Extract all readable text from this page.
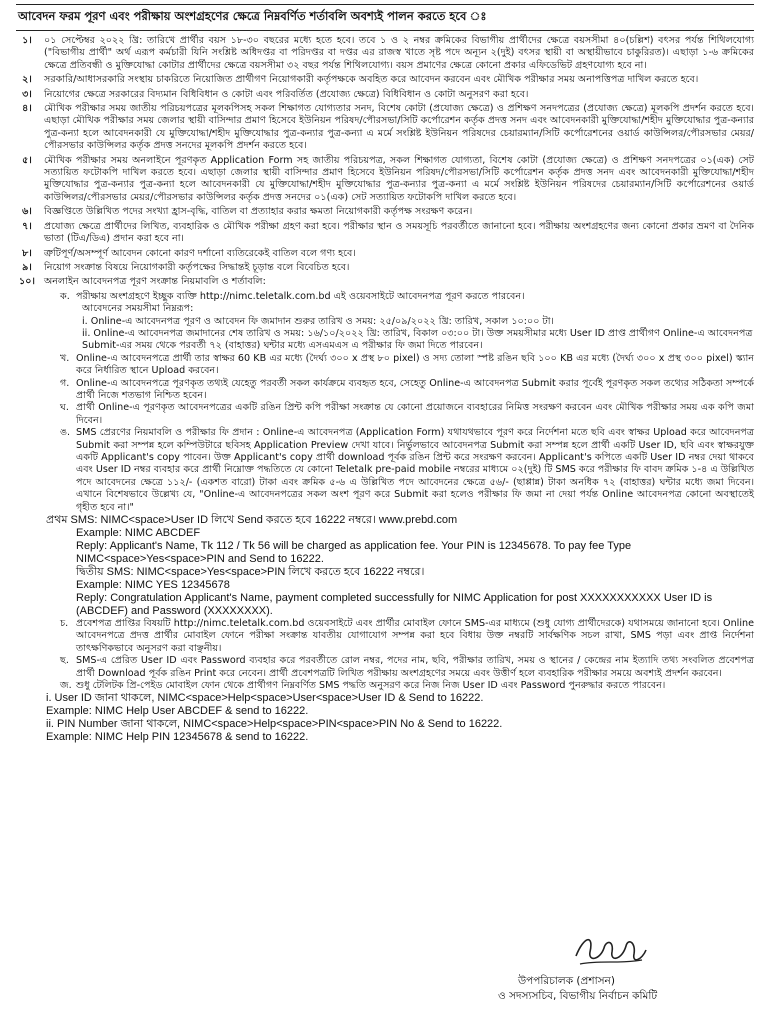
আবেদন ফরম পূরণ এবং পরীক্ষায় অংশগ্রহণের ক্ষেত্রে নিম্নবর্ণিত শর্তাবলি অবশ্যই পালন করতে হবে ঃ
১।	০১ সেপ্টেম্বর ২০২২ খ্রি: তারিখে প্রার্থীর বয়স ১৮-৩০ বছরের মধ্যে হতে হবে। তবে ১ ও ২ নম্বর ক্রমিকের বিভাগীয় প্রার্থীদের ক্ষেত্রে বয়সসীমা ৪০(চল্লিশ) বৎসর পর্যন্ত শিথিলযোগ্য ("বিভাগীয় প্রার্থী" অর্থ এরূপ কর্মচারী যিনি সংশ্লিষ্ট অধিদপ্তর বা পরিদপ্তর বা দপ্তর এর রাজস্ব খাতে সৃষ্ট পদে অন্যূন ২(দুই) বৎসর স্থায়ী বা অস্থায়ীভাবে চাকুরিরত)। এছাড়া ১-৬ ক্রমিকের ক্ষেত্রে প্রতিবন্ধী ও মুক্তিযোদ্ধা কোটার প্রার্থীদের ক্ষেত্রে বয়সসীমা ৩২ বছর পর্যন্ত শিথিলযোগ্য। বয়স প্রমাণের ক্ষেত্রে কোনো প্রকার এফিডেভিট গ্রহণযোগ্য হবে না।
২।	সরকারি/আধাসরকারি সংস্থায় চাকরিতে নিয়োজিত প্রার্থীগণ নিয়োগকারী কর্তৃপক্ষকে অবহিত করে আবেদন করবেন এবং মৌখিক পরীক্ষার সময় অনাপত্তিপত্র দাখিল করতে হবে।
৩।	নিয়োগের ক্ষেত্রে সরকারের বিদ্যমান বিধিবিধান ও কোটা এবং পরিবর্তিত (প্রযোজ্য ক্ষেত্রে) বিধিবিধান ও কোটা অনুসরণ করা হবে।
৪।	মৌখিক পরীক্ষার সময় জাতীয় পরিচয়পত্রের মূলকপিসহ সকল শিক্ষাগত যোগ্যতার সনদ, বিশেষ কোটা (প্রযোজ্য ক্ষেত্রে) ও প্রশিক্ষণ সনদপত্রের (প্রযোজ্য ক্ষেত্রে) মূলকপি প্রদর্শন করতে হবে। এছাড়া মৌখিক পরীক্ষার সময় জেলার স্থায়ী বাসিন্দার প্রমাণ হিসেবে ইউনিয়ন পরিষদ/পৌরসভা/সিটি কর্পোরেশন কর্তৃক প্রদত্ত সনদ এবং আবেদনকারী মুক্তিযোদ্ধা/শহীদ মুক্তিযোদ্ধার পুত্র-কন্যার পুত্র-কন্যা হলে আবেদনকারী যে মুক্তিযোদ্ধা/শহীদ মুক্তিযোদ্ধার পুত্র-কন্যার পুত্র-কন্যা এ মর্মে সংশ্লিষ্ট ইউনিয়ন পরিষদের চেয়ারম্যান/সিটি কর্পোরেশনের ওয়ার্ড কাউন্সিলর/পৌরসভার মেয়র/পৌরসভার কাউন্সিলর কর্তৃক প্রদত্ত সনদের মূলকপি প্রদর্শন করতে হবে।
৫।	মৌখিক পরীক্ষার সময় অনলাইনে পূরণকৃত Application Form সহ জাতীয় পরিচয়পত্র, সকল শিক্ষাগত যোগ্যতা, বিশেষ কোটা (প্রযোজ্য ক্ষেত্রে) ও প্রশিক্ষণ সনদপত্রের ০১(এক) সেট সত্যায়িত ফটোকপি দাখিল করতে হবে। এছাড়া জেলার স্থায়ী বাসিন্দার প্রমাণ হিসেবে ইউনিয়ন পরিষদ/পৌরসভা/সিটি কর্পোরেশন কর্তৃক প্রদত্ত সনদ এবং আবেদনকারী মুক্তিযোদ্ধা/শহীদ মুক্তিযোদ্ধার পুত্র-কন্যার পুত্র-কন্যা হলে আবেদনকারী যে মুক্তিযোদ্ধা/শহীদ মুক্তিযোদ্ধার পুত্র-কন্যার পুত্র-কন্যা এ মর্মে সংশ্লিষ্ট ইউনিয়ন পরিষদের চেয়ারম্যান/সিটি কর্পোরেশনের ওয়ার্ড কাউন্সিলর/পৌরসভার মেয়র/পৌরসভার কাউন্সিলর কর্তৃক প্রদত্ত সনদের ০১(এক) সেট সত্যায়িত ফটোকপি দাখিল করতে হবে।
৬।	বিজ্ঞপ্তিতে উল্লিখিত পদের সংখ্যা হ্রাস-বৃদ্ধি, বাতিল বা প্রত্যাহার করার ক্ষমতা নিয়োগকারী কর্তৃপক্ষ সংরক্ষণ করেন।
৭।	প্রযোজ্য ক্ষেত্রে প্রার্থীদের লিখিত, ব্যবহারিক ও মৌখিক পরীক্ষা গ্রহণ করা হবে। পরীক্ষার স্থান ও সময়সূচি পরবর্তীতে জানানো হবে। পরীক্ষায় অংশগ্রহণের জন্য কোনো প্রকার ভ্রমণ বা দৈনিক ভাতা (টিএ/ডিএ) প্রদান করা হবে না।
৮।	ত্রুটিপূর্ণ/অসম্পূর্ণ আবেদন কোনো কারণ দর্শানো ব্যতিরেকেই বাতিল বলে গণ্য হবে।
৯।	নিয়োগ সংক্রান্ত বিষয়ে নিয়োগকারী কর্তৃপক্ষের সিদ্ধান্তই চূড়ান্ত বলে বিবেচিত হবে।
১০। অনলাইন আবেদনপত্র পূরণ সংক্রান্ত নিয়মাবলি ও শর্তাবলি:
ক. পরীক্ষায় অংশগ্রহণে ইচ্ছুক ব্যক্তি http://nimc.teletalk.com.bd এই ওয়েবসাইটে আবেদনপত্র পূরণ করতে পারবেন।
আবেদনের সময়সীমা নিম্নরূপ:
i. Online-এ আবেদনপত্র পূরণ ও আবেদন ফি জমাদান শুরুর তারিখ ও সময়: ২৫/০৯/২০২২ খ্রি: তারিখ, সকাল ১০:০০ টা।
ii. Online-এ আবেদনপত্র জমাদানের শেষ তারিখ ও সময়: ১৬/১০/২০২২ খ্রি: তারিখ, বিকাল ০৩:০০ টা। উক্ত সময়সীমার মধ্যে User ID প্রাপ্ত প্রার্থীগণ Online-এ আবেদনপত্র Submit-এর সময় থেকে পরবর্তী ৭২ (বাহাত্তর) ঘন্টার মধ্যে এসএমএস এ পরীক্ষার ফি জমা দিতে পারবেন।
খ. Online-এ আবেদনপত্রে প্রার্থী তার স্বাক্ষর 60 KB এর মধ্যে (দৈর্ঘ্য ৩০০ x প্রস্থ ৮০ pixel) ও সদ্য তোলা স্পষ্ট রঙিন ছবি ১০০ KB এর মধ্যে (দৈর্ঘ্য ৩০০ x প্রস্থ ৩০০ pixel) স্ক্যান করে নির্ধারিত স্থানে Upload করবেন।
গ. Online-এ আবেদনপত্রে পূরণকৃত তথ্যই যেহেতু পরবর্তী সকল কার্যক্রমে ব্যবহৃত হবে, সেহেতু Online-এ আবেদনপত্র Submit করার পূর্বেই পূরণকৃত সকল তথ্যের সঠিকতা সম্পর্কে প্রার্থী নিজে শতভাগ নিশ্চিত হবেন।
ঘ. প্রার্থী Online-এ পূরণকৃত আবেদনপত্রের একটি রঙিন প্রিন্ট কপি পরীক্ষা সংক্রান্ত যে কোনো প্রয়োজনে ব্যবহারের নিমিত্ত সংরক্ষণ করবেন এবং মৌখিক পরীক্ষার সময় এক কপি জমা দিবেন।
ঙ. SMS প্রেরণের নিয়মাবলি ও পরীক্ষার ফি প্রদান : Online-এ আবেদনপত্র (Application Form) যথাযথভাবে পূরণ করে নির্দেশনা মতে ছবি এবং স্বাক্ষর Upload করে আবেদনপত্র Submit করা সম্পন্ন হলে কম্পিউটারে ছবিসহ Application Preview দেখা যাবে। নির্ভুলভাবে আবেদনপত্র Submit করা সম্পন্ন হলে প্রার্থী একটি User ID, ছবি এবং স্বাক্ষরযুক্ত একটি Applicant's copy পাবেন। উক্ত Applicant's copy প্রার্থী download পূর্বক রঙিন প্রিন্ট করে সংরক্ষণ করবেন। Applicant's কপিতে একটি User ID নম্বর দেয়া থাকবে এবং User ID নম্বর ব্যবহার করে প্রার্থী নিম্নোক্ত পদ্ধতিতে যে কোনো Teletalk pre-paid mobile নম্বরের মাধ্যমে ০২(দুই) টি SMS করে পরীক্ষার ফি বাবদ ক্রমিক ১-৪ এ উল্লিখিত পদে আবেদনের ক্ষেত্রে ১১২/- (একশত বারো) টাকা এবং ক্রমিক ৫-৬ এ উল্লিখিত পদে আবেদনের ক্ষেত্রে ৫৬/- (ছাপ্পান্ন) টাকা অনধিক ৭২ (বাহাত্তর) ঘন্টার মধ্যে জমা দিবেন। এখানে বিশেষভাবে উল্লেখ্য যে, "Online-এ আবেদনপত্রের সকল অংশ পূরণ করে Submit করা হলেও পরীক্ষার ফি জমা না দেয়া পর্যন্ত Online আবেদনপত্র কোনো অবস্থাতেই গৃহীত হবে না।"
প্রথম SMS: NIMC<space>User ID লিখে Send করতে হবে 16222 নম্বরে। www.prebd.com
Example: NIMC ABCDEF
Reply: Applicant's Name, Tk 112 / Tk 56 will be charged as application fee. Your PIN is 12345678. To pay fee Type NIMC<space>Yes<space>PIN and Send to 16222.
দ্বিতীয় SMS: NIMC<space>Yes<space>PIN লিখে করতে হবে 16222 নম্বরে।
Example: NIMC YES 12345678
Reply: Congratulation Applicant's Name, payment completed successfully for NIMC Application for post XXXXXXXXXXX User ID is (ABCDEF) and Password (XXXXXXXX).
চ. প্রবেশপত্র প্রাপ্তির বিষয়টি http://nimc.teletalk.com.bd ওয়েবসাইটে এবং প্রার্থীর মোবাইল ফোনে SMS-এর মাধ্যমে (শুধু যোগ্য প্রার্থীদেরকে) যথাসময়ে জানানো হবে। Online আবেদনপত্রে প্রদত্ত প্রার্থীর মোবাইল ফোনে পরীক্ষা সংক্রান্ত যাবতীয় যোগাযোগ সম্পন্ন করা হবে বিধায় উক্ত নম্বরটি সার্বক্ষণিক সচল রাখা, SMS পড়া এবং প্রাপ্ত নির্দেশনা তাৎক্ষণিকভাবে অনুসরণ করা বাঞ্ছনীয়।
ছ. SMS-এ প্রেরিত User ID এবং Password ব্যবহার করে পরবর্তীতে রোল নম্বর, পদের নাম, ছবি, পরীক্ষার তারিখ, সময় ও স্থানের / কেন্দ্রের নাম ইত্যাদি তথ্য সংবলিত প্রবেশপত্র প্রার্থী Download পূর্বক রঙিন Print করে নেবেন। প্রার্থী প্রবেশপত্রটি লিখিত পরীক্ষায় অংশগ্রহণের সময়ে এবং উত্তীর্ণ হলে ব্যবহারিক পরীক্ষার সময়ে অবশ্যই প্রদর্শন করবেন।
জ. শুধু টেলিটক প্রি-পেইড মোবাইল ফোন থেকে প্রার্থীগণ নিম্নবর্ণিত SMS পদ্ধতি অনুসরণ করে নিজ নিজ User ID এবং Password পুনরুদ্ধার করতে পারবেন।
i. User ID জানা থাকলে, NIMC<space>Help<space>User<space>User ID & Send to 16222.
Example: NIMC Help User ABCDEF & send to 16222.
ii. PIN Number জানা থাকলে, NIMC<space>Help<space>PIN<space>PIN No & Send to 16222.
Example: NIMC Help PIN 12345678 & send to 16222.
উপপরিচালক (প্রশাসন)
ও সদস্যসচিব, বিভাগীয় নির্বাচন কমিটি
